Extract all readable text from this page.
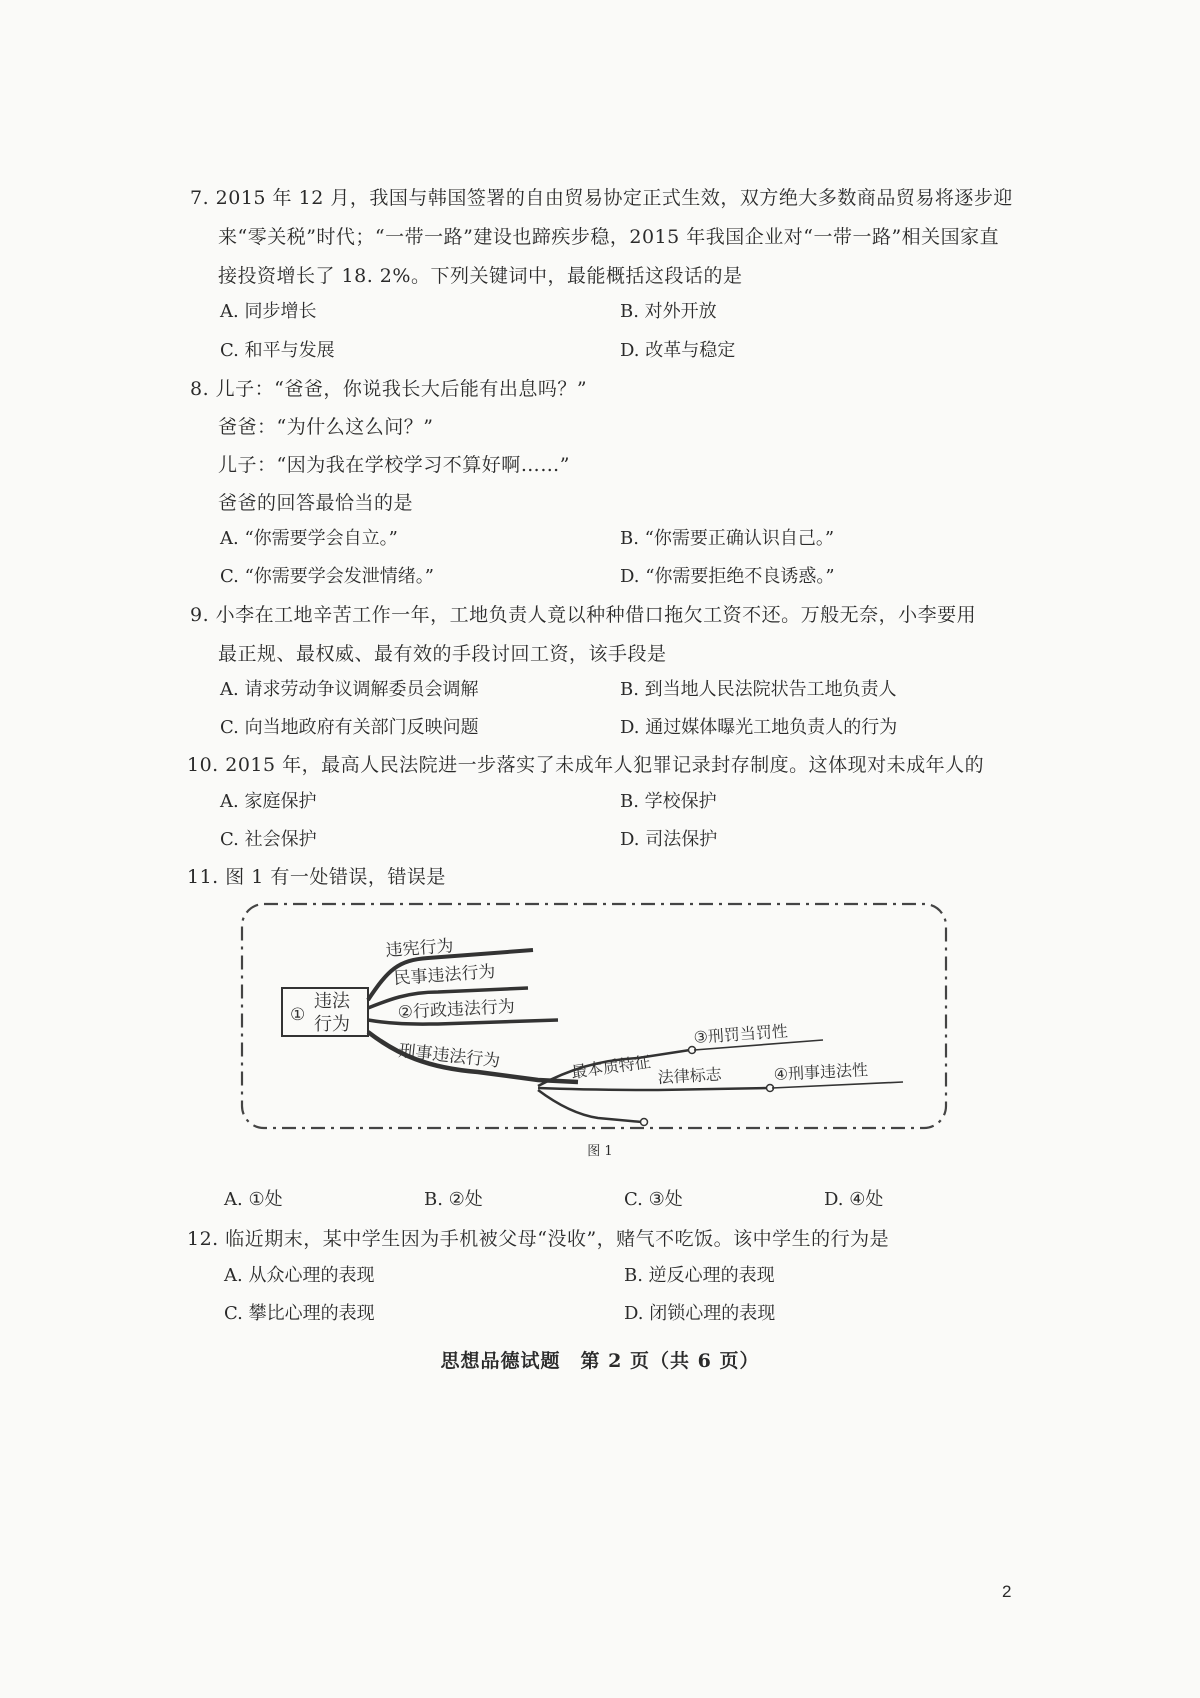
7. 2015 年 12 月，我国与韩国签署的自由贸易协定正式生效，双方绝大多数商品贸易将逐步迎
来“零关税”时代；“一带一路”建设也蹄疾步稳，2015 年我国企业对“一带一路”相关国家直
接投资增长了 18. 2%。下列关键词中，最能概括这段话的是
A. 同步增长	B. 对外开放
C. 和平与发展	D. 改革与稳定
8. 儿子：“爸爸，你说我长大后能有出息吗？”
爸爸：“为什么这么问？”
儿子：“因为我在学校学习不算好啊……”
爸爸的回答最恰当的是
A. “你需要学会自立。”	B. “你需要正确认识自己。”
C. “你需要学会发泄情绪。”	D. “你需要拒绝不良诱惑。”
9. 小李在工地辛苦工作一年，工地负责人竟以种种借口拖欠工资不还。万般无奈，小李要用
最正规、最权威、最有效的手段讨回工资，该手段是
A. 请求劳动争议调解委员会调解	B. 到当地人民法院状告工地负责人
C. 向当地政府有关部门反映问题	D. 通过媒体曝光工地负责人的行为
10. 2015 年，最高人民法院进一步落实了未成年人犯罪记录封存制度。这体现对未成年人的
A. 家庭保护	B. 学校保护
C. 社会保护	D. 司法保护
11. 图 1 有一处错误，错误是
①
违法
行为
违宪行为
民事违法行为
②行政违法行为
刑事违法行为	最本质特征
③刑罚当罚性
法律标志	④刑事违法性
图 1
A. ①处	B. ②处	C. ③处	D. ④处
12. 临近期末，某中学生因为手机被父母“没收”，赌气不吃饭。该中学生的行为是
A. 从众心理的表现	B. 逆反心理的表现
C. 攀比心理的表现	D. 闭锁心理的表现
思想品德试题　第 2 页（共 6 页）
2
